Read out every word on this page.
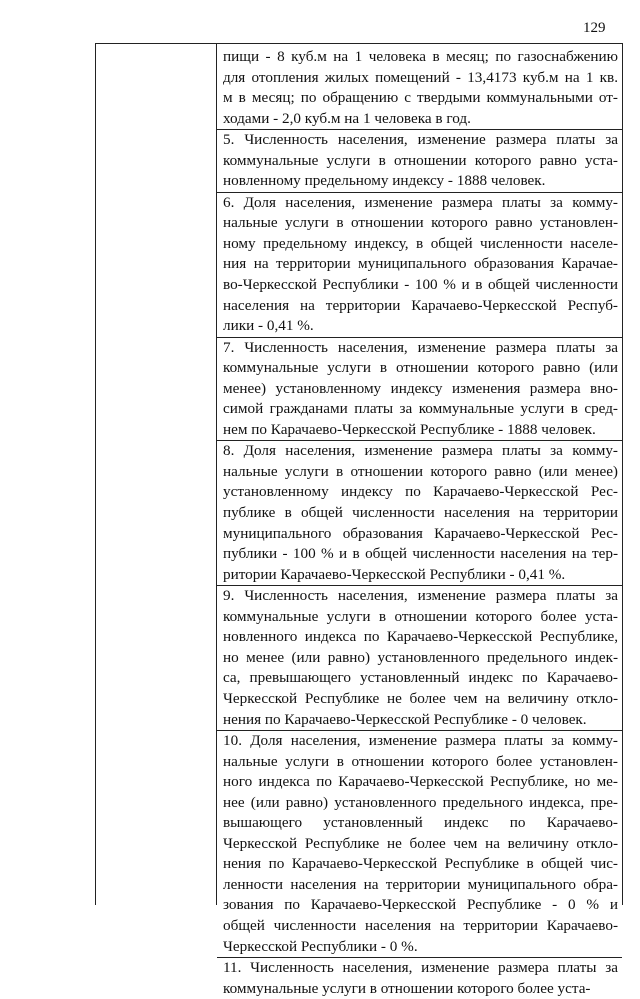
129
пищи - 8 куб.м на 1 человека в месяц; по газоснабжению
для отопления жилых помещений - 13,4173 куб.м на 1 кв.
м в месяц; по обращению с твердыми коммунальными от-
ходами - 2,0 куб.м на 1 человека в год.
5. Численность населения, изменение размера платы за
коммунальные услуги в отношении которого равно уста-
новленному предельному индексу - 1888 человек.
6. Доля населения, изменение размера платы за комму-
нальные услуги в отношении которого равно установлен-
ному предельному индексу, в общей численности населе-
ния на территории муниципального образования Карачае-
во-Черкесской Республики - 100 % и в общей численности
населения на территории Карачаево-Черкесской Респуб-
лики - 0,41 %.
7. Численность населения, изменение размера платы за
коммунальные услуги в отношении которого равно (или
менее) установленному индексу изменения размера вно-
симой гражданами платы за коммунальные услуги в сред-
нем по Карачаево-Черкесской Республике - 1888 человек.
8. Доля населения, изменение размера платы за комму-
нальные услуги в отношении которого равно (или менее)
установленному индексу по Карачаево-Черкесской Рес-
публике в общей численности населения на территории
муниципального образования Карачаево-Черкесской Рес-
публики - 100 % и в общей численности населения на тер-
ритории Карачаево-Черкесской Республики - 0,41 %.
9. Численность населения, изменение размера платы за
коммунальные услуги в отношении которого более уста-
новленного индекса по Карачаево-Черкесской Республике,
но менее (или равно) установленного предельного индек-
са, превышающего установленный индекс по Карачаево-
Черкесской Республике не более чем на величину откло-
нения по Карачаево-Черкесской Республике - 0 человек.
10. Доля населения, изменение размера платы за комму-
нальные услуги в отношении которого более установлен-
ного индекса по Карачаево-Черкесской Республике, но ме-
нее (или равно) установленного предельного индекса, пре-
вышающего установленный индекс по Карачаево-
Черкесской Республике не более чем на величину откло-
нения по Карачаево-Черкесской Республике в общей чис-
ленности населения на территории муниципального обра-
зования по Карачаево-Черкесской Республике - 0 % и
общей численности населения на территории Карачаево-
Черкесской Республики - 0 %.
11. Численность населения, изменение размера платы за
коммунальные услуги в отношении которого более уста-
